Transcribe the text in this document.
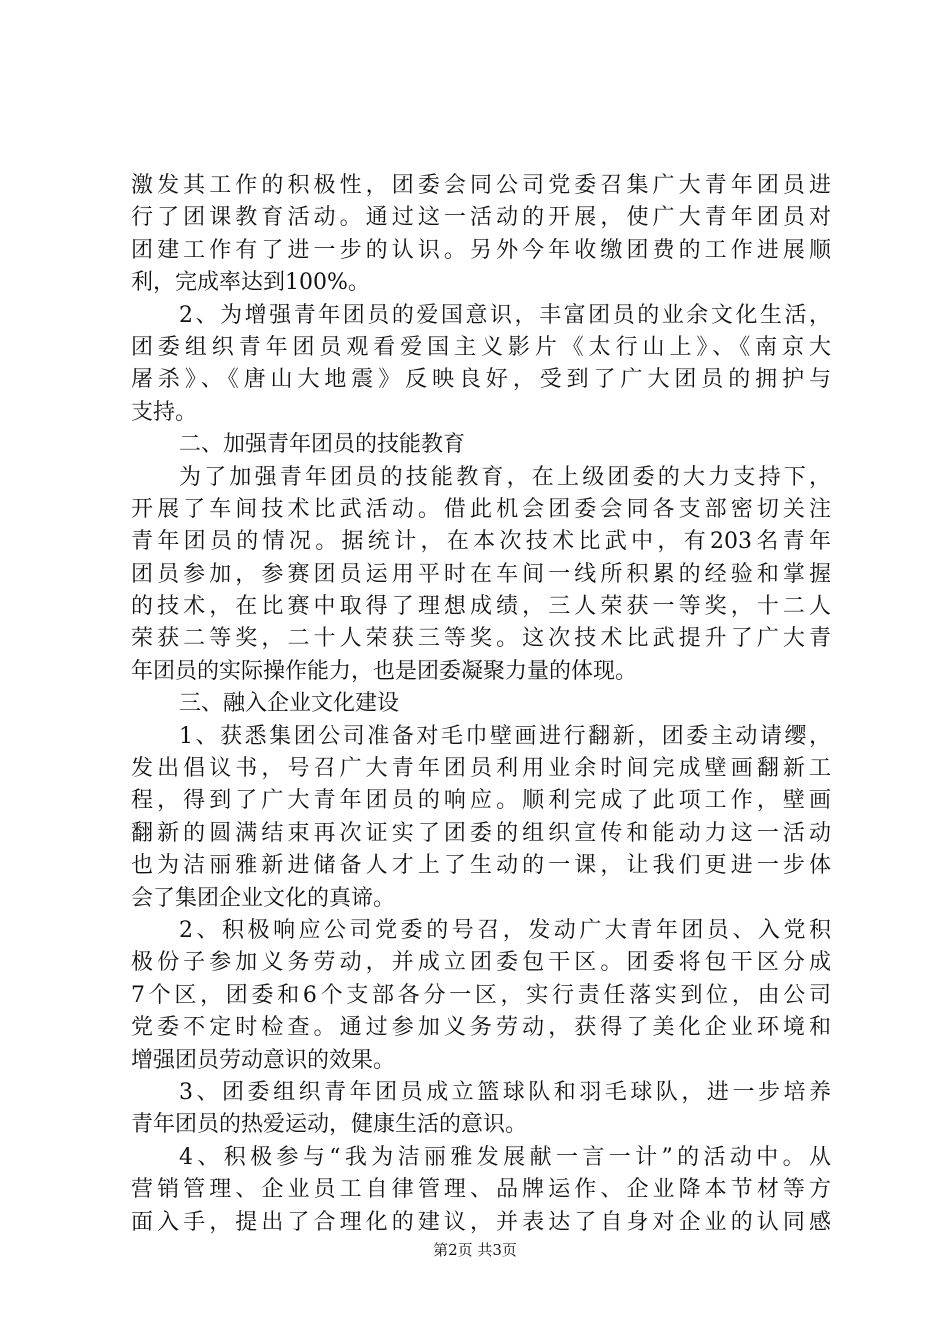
激发其工作的积极性，团委会同公司党委召集广大青年团员进
行了团课教育活动。通过这一活动的开展，使广大青年团员对
团建工作有了进一步的认识。另外今年收缴团费的工作进展顺
利，完成率达到100%。
2、为增强青年团员的爱国意识，丰富团员的业余文化生活，
团委组织青年团员观看爱国主义影片《太行山上》、《南京大
屠杀》、《唐山大地震》反映良好，受到了广大团员的拥护与
支持。
二、加强青年团员的技能教育
为了加强青年团员的技能教育，在上级团委的大力支持下，
开展了车间技术比武活动。借此机会团委会同各支部密切关注
青年团员的情况。据统计，在本次技术比武中，有203名青年
团员参加，参赛团员运用平时在车间一线所积累的经验和掌握
的技术，在比赛中取得了理想成绩，三人荣获一等奖，十二人
荣获二等奖，二十人荣获三等奖。这次技术比武提升了广大青
年团员的实际操作能力，也是团委凝聚力量的体现。
三、融入企业文化建设
1、获悉集团公司准备对毛巾壁画进行翻新，团委主动请缨，
发出倡议书，号召广大青年团员利用业余时间完成壁画翻新工
程，得到了广大青年团员的响应。顺利完成了此项工作，壁画
翻新的圆满结束再次证实了团委的组织宣传和能动力这一活动
也为洁丽雅新进储备人才上了生动的一课，让我们更进一步体
会了集团企业文化的真谛。
2、积极响应公司党委的号召，发动广大青年团员、入党积
极份子参加义务劳动，并成立团委包干区。团委将包干区分成
7个区，团委和6个支部各分一区，实行责任落实到位，由公司
党委不定时检查。通过参加义务劳动，获得了美化企业环境和
增强团员劳动意识的效果。
3、团委组织青年团员成立篮球队和羽毛球队，进一步培养
青年团员的热爱运动，健康生活的意识。
4、积极参与“我为洁丽雅发展献一言一计”的活动中。从
营销管理、企业员工自律管理、品牌运作、企业降本节材等方
面入手，提出了合理化的建议，并表达了自身对企业的认同感
第2页 共3页
